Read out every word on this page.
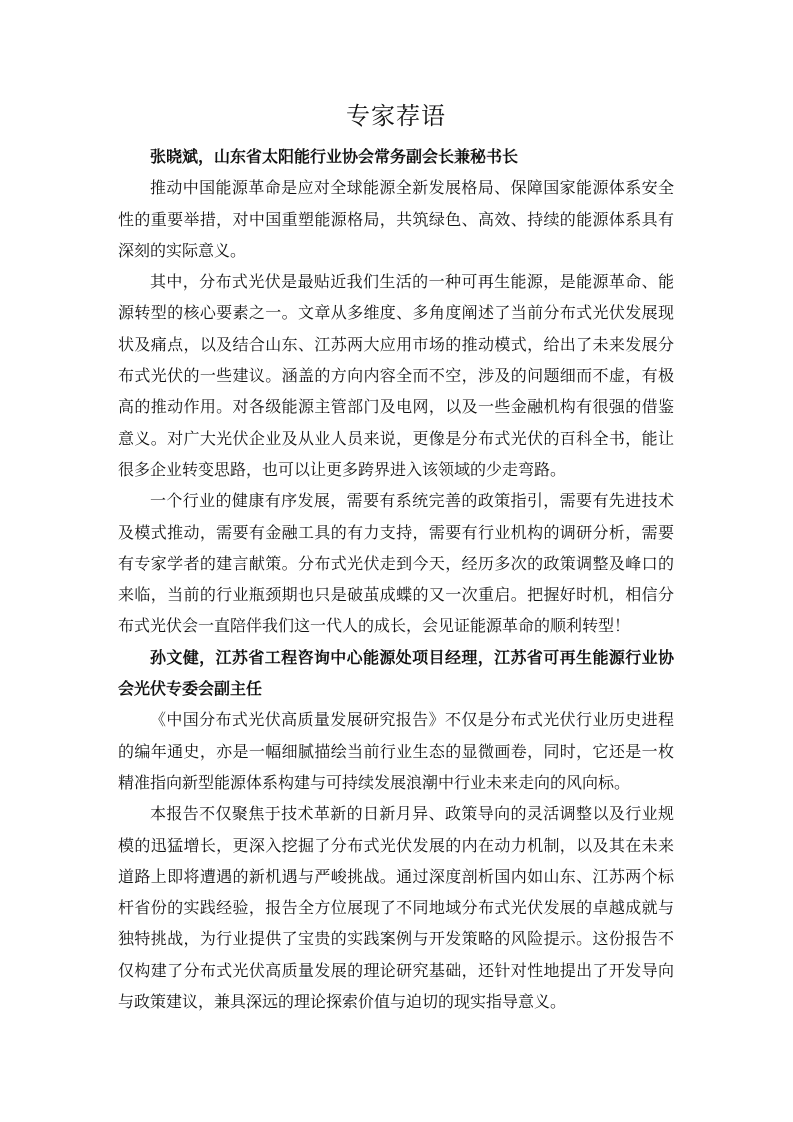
专家荐语

张晓斌，山东省太阳能行业协会常务副会长兼秘书长

推动中国能源革命是应对全球能源全新发展格局、保障国家能源体系安全性的重要举措，对中国重塑能源格局，共筑绿色、高效、持续的能源体系具有深刻的实际意义。

其中，分布式光伏是最贴近我们生活的一种可再生能源，是能源革命、能源转型的核心要素之一。文章从多维度、多角度阐述了当前分布式光伏发展现状及痛点，以及结合山东、江苏两大应用市场的推动模式，给出了未来发展分布式光伏的一些建议。涵盖的方向内容全而不空，涉及的问题细而不虚，有极高的推动作用。对各级能源主管部门及电网，以及一些金融机构有很强的借鉴意义。对广大光伏企业及从业人员来说，更像是分布式光伏的百科全书，能让很多企业转变思路，也可以让更多跨界进入该领域的少走弯路。

一个行业的健康有序发展，需要有系统完善的政策指引，需要有先进技术及模式推动，需要有金融工具的有力支持，需要有行业机构的调研分析，需要有专家学者的建言献策。分布式光伏走到今天，经历多次的政策调整及峰口的来临，当前的行业瓶颈期也只是破茧成蝶的又一次重启。把握好时机，相信分布式光伏会一直陪伴我们这一代人的成长，会见证能源革命的顺利转型！

孙文健，江苏省工程咨询中心能源处项目经理，江苏省可再生能源行业协会光伏专委会副主任

《中国分布式光伏高质量发展研究报告》不仅是分布式光伏行业历史进程的编年通史，亦是一幅细腻描绘当前行业生态的显微画卷，同时，它还是一枚精准指向新型能源体系构建与可持续发展浪潮中行业未来走向的风向标。

本报告不仅聚焦于技术革新的日新月异、政策导向的灵活调整以及行业规模的迅猛增长，更深入挖掘了分布式光伏发展的内在动力机制，以及其在未来道路上即将遭遇的新机遇与严峻挑战。通过深度剖析国内如山东、江苏两个标杆省份的实践经验，报告全方位展现了不同地域分布式光伏发展的卓越成就与独特挑战，为行业提供了宝贵的实践案例与开发策略的风险提示。这份报告不仅构建了分布式光伏高质量发展的理论研究基础，还针对性地提出了开发导向与政策建议，兼具深远的理论探索价值与迫切的现实指导意义。
